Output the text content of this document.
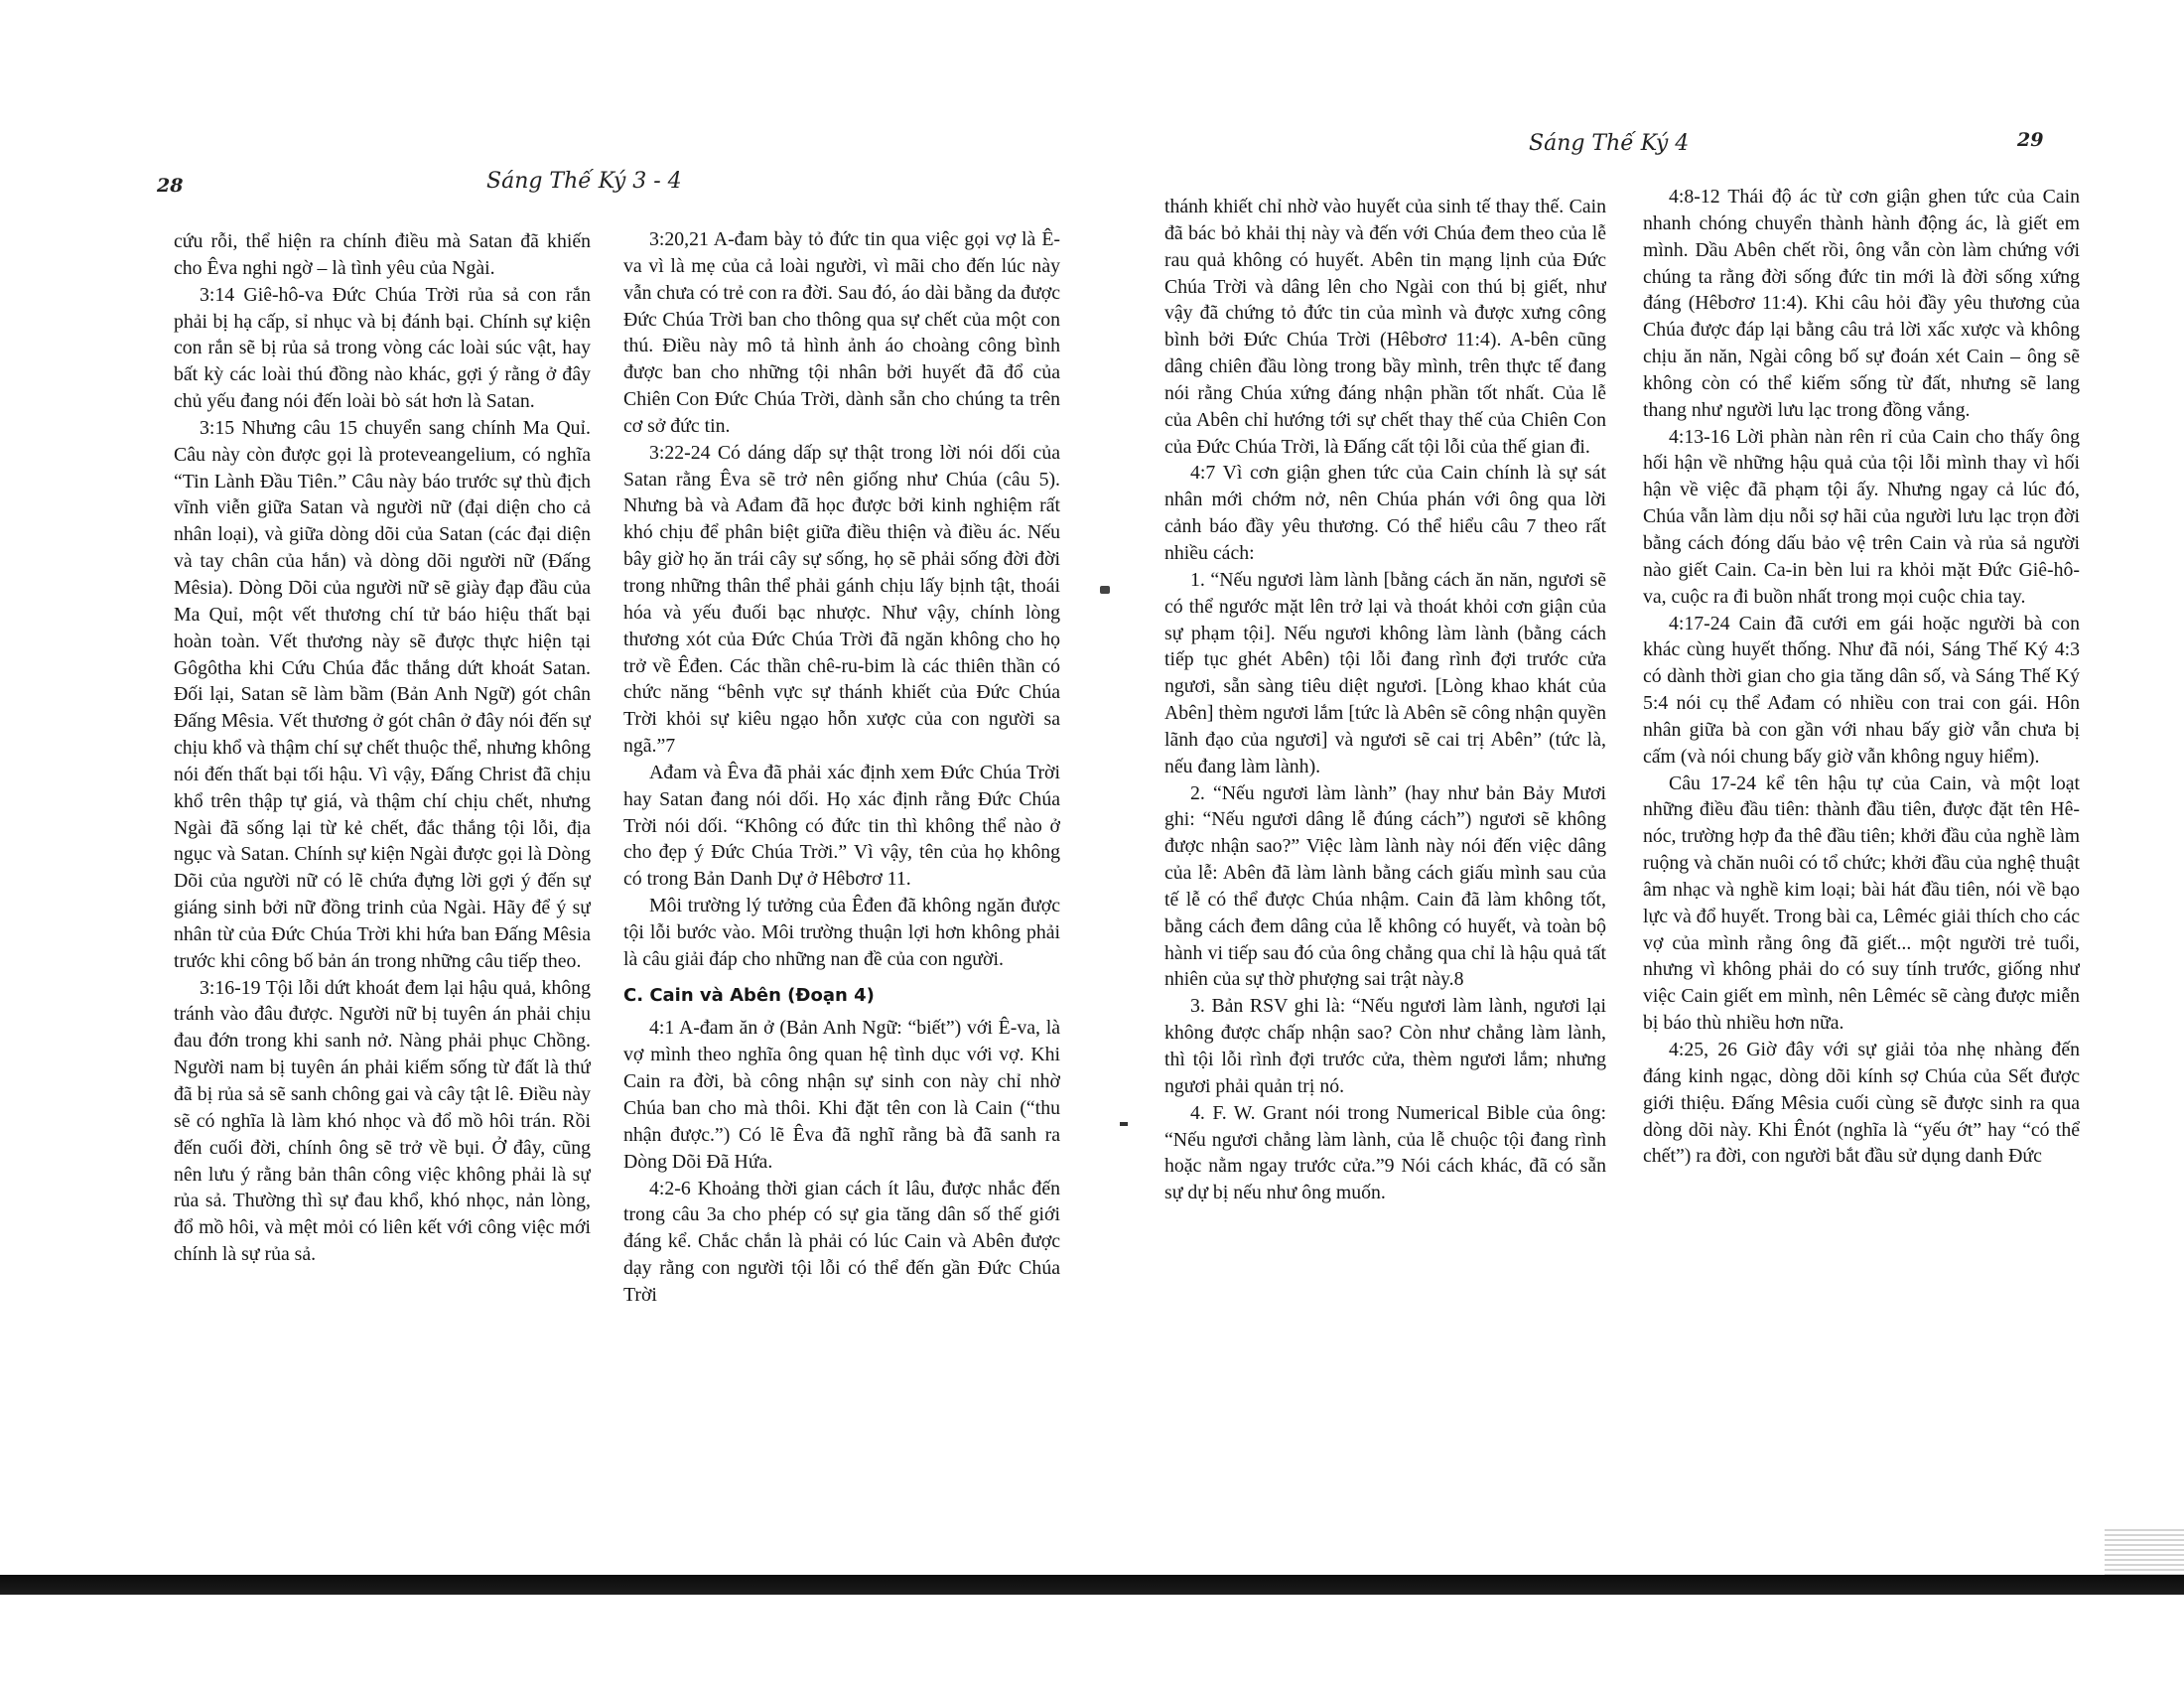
28	Sáng Thế Ký 3 - 4

cứu rỗi, thể hiện ra chính điều mà Satan đã khiến cho Êva nghi ngờ – là tình yêu của Ngài.

3:14 Giê-hô-va Đức Chúa Trời rủa sả con rắn phải bị hạ cấp, sỉ nhục và bị đánh bại. Chính sự kiện con rắn sẽ bị rủa sả trong vòng các loài súc vật, hay bất kỳ các loài thú đồng nào khác, gợi ý rằng ở đây chủ yếu đang nói đến loài bò sát hơn là Satan.

3:15 Nhưng câu 15 chuyển sang chính Ma Quỉ. Câu này còn được gọi là proteveangelium, có nghĩa “Tin Lành Đầu Tiên.” Câu này báo trước sự thù địch vĩnh viễn giữa Satan và người nữ (đại diện cho cả nhân loại), và giữa dòng dõi của Satan (các đại diện và tay chân của hắn) và dòng dõi người nữ (Đấng Mêsia). Dòng Dõi của người nữ sẽ giày đạp đầu của Ma Quỉ, một vết thương chí tử báo hiệu thất bại hoàn toàn. Vết thương này sẽ được thực hiện tại Gôgôtha khi Cứu Chúa đắc thắng dứt khoát Satan. Đối lại, Satan sẽ làm bầm (Bản Anh Ngữ) gót chân Đấng Mêsia. Vết thương ở gót chân ở đây nói đến sự chịu khổ và thậm chí sự chết thuộc thể, nhưng không nói đến thất bại tối hậu. Vì vậy, Đấng Christ đã chịu khổ trên thập tự giá, và thậm chí chịu chết, nhưng Ngài đã sống lại từ kẻ chết, đắc thắng tội lỗi, địa ngục và Satan. Chính sự kiện Ngài được gọi là Dòng Dõi của người nữ có lẽ chứa đựng lời gợi ý đến sự giáng sinh bởi nữ đồng trinh của Ngài. Hãy để ý sự nhân từ của Đức Chúa Trời khi hứa ban Đấng Mêsia trước khi công bố bản án trong những câu tiếp theo.

3:16-19 Tội lỗi dứt khoát đem lại hậu quả, không tránh vào đâu được. Người nữ bị tuyên án phải chịu đau đớn trong khi sanh nở. Nàng phải phục Chồng. Người nam bị tuyên án phải kiếm sống từ đất là thứ đã bị rủa sả sẽ sanh chông gai và cây tật lê. Điều này sẽ có nghĩa là làm khó nhọc và đổ mồ hôi trán. Rồi đến cuối đời, chính ông sẽ trở về bụi. Ở đây, cũng nên lưu ý rằng bản thân công việc không phải là sự rủa sả. Thường thì sự đau khổ, khó nhọc, nản lòng, đổ mồ hôi, và mệt mỏi có liên kết với công việc mới chính là sự rủa sả.

3:20,21 A-đam bày tỏ đức tin qua việc gọi vợ là Ê-va vì là mẹ của cả loài người, vì mãi cho đến lúc này vẫn chưa có trẻ con ra đời. Sau đó, áo dài bằng da được Đức Chúa Trời ban cho thông qua sự chết của một con thú. Điều này mô tả hình ảnh áo choàng công bình được ban cho những tội nhân bởi huyết đã đổ của Chiên Con Đức Chúa Trời, dành sẵn cho chúng ta trên cơ sở đức tin.

3:22-24 Có dáng dấp sự thật trong lời nói dối của Satan rằng Êva sẽ trở nên giống như Chúa (câu 5). Nhưng bà và Ađam đã học được bởi kinh nghiệm rất khó chịu để phân biệt giữa điều thiện và điều ác. Nếu bây giờ họ ăn trái cây sự sống, họ sẽ phải sống đời đời trong những thân thể phải gánh chịu lấy bịnh tật, thoái hóa và yếu đuối bạc nhược. Như vậy, chính lòng thương xót của Đức Chúa Trời đã ngăn không cho họ trở về Êđen. Các thần chê-ru-bim là các thiên thần có chức năng “bênh vực sự thánh khiết của Đức Chúa Trời khỏi sự kiêu ngạo hỗn xược của con người sa ngã.”7

Ađam và Êva đã phải xác định xem Đức Chúa Trời hay Satan đang nói dối. Họ xác định rằng Đức Chúa Trời nói dối. “Không có đức tin thì không thể nào ở cho đẹp ý Đức Chúa Trời.” Vì vậy, tên của họ không có trong Bản Danh Dự ở Hêbơrơ 11.

Môi trường lý tưởng của Êđen đã không ngăn được tội lỗi bước vào. Môi trường thuận lợi hơn không phải là câu giải đáp cho những nan đề của con người.

C. Cain và Abên (Đoạn 4)

4:1 A-đam ăn ở (Bản Anh Ngữ: “biết”) với Ê-va, là vợ mình theo nghĩa ông quan hệ tình dục với vợ. Khi Cain ra đời, bà công nhận sự sinh con này chỉ nhờ Chúa ban cho mà thôi. Khi đặt tên con là Cain (“thu nhận được.”) Có lẽ Êva đã nghĩ rằng bà đã sanh ra Dòng Dõi Đã Hứa.

4:2-6 Khoảng thời gian cách ít lâu, được nhắc đến trong câu 3a cho phép có sự gia tăng dân số thế giới đáng kể. Chắc chắn là phải có lúc Cain và Abên được dạy rằng con người tội lỗi có thể đến gần Đức Chúa Trời

Sáng Thế Ký 4	29

thánh khiết chỉ nhờ vào huyết của sinh tế thay thế. Cain đã bác bỏ khải thị này và đến với Chúa đem theo của lễ rau quả không có huyết. Abên tin mạng lịnh của Đức Chúa Trời và dâng lên cho Ngài con thú bị giết, như vậy đã chứng tỏ đức tin của mình và được xưng công bình bởi Đức Chúa Trời (Hêbơrơ 11:4). A-bên cũng dâng chiên đầu lòng trong bầy mình, trên thực tế đang nói rằng Chúa xứng đáng nhận phần tốt nhất. Của lễ của Abên chỉ hướng tới sự chết thay thế của Chiên Con của Đức Chúa Trời, là Đấng cất tội lỗi của thế gian đi.

4:7 Vì cơn giận ghen tức của Cain chính là sự sát nhân mới chớm nở, nên Chúa phán với ông qua lời cảnh báo đầy yêu thương. Có thể hiểu câu 7 theo rất nhiều cách:

1. “Nếu ngươi làm lành [bằng cách ăn năn, ngươi sẽ có thể ngước mặt lên trở lại và thoát khỏi cơn giận của sự phạm tội]. Nếu ngươi không làm lành (bằng cách tiếp tục ghét Abên) tội lỗi đang rình đợi trước cửa ngươi, sẵn sàng tiêu diệt ngươi. [Lòng khao khát của Abên] thèm ngươi lắm [tức là Abên sẽ công nhận quyền lãnh đạo của ngươi] và ngươi sẽ cai trị Abên” (tức là, nếu đang làm lành).

2. “Nếu ngươi làm lành” (hay như bản Bảy Mươi ghi: “Nếu ngươi dâng lễ đúng cách”) ngươi sẽ không được nhận sao?” Việc làm lành này nói đến việc dâng của lễ: Abên đã làm lành bằng cách giấu mình sau của tế lễ có thể được Chúa nhậm. Cain đã làm không tốt, bằng cách đem dâng của lễ không có huyết, và toàn bộ hành vi tiếp sau đó của ông chẳng qua chỉ là hậu quả tất nhiên của sự thờ phượng sai trật này.8

3. Bản RSV ghi là: “Nếu ngươi làm lành, ngươi lại không được chấp nhận sao? Còn như chẳng làm lành, thì tội lỗi rình đợi trước cửa, thèm ngươi lắm; nhưng ngươi phải quản trị nó.

4. F. W. Grant nói trong Numerical Bible của ông: “Nếu ngươi chẳng làm lành, của lễ chuộc tội đang rình hoặc nằm ngay trước cửa.”9 Nói cách khác, đã có sẵn sự dự bị nếu như ông muốn.

4:8-12 Thái độ ác từ cơn giận ghen tức của Cain nhanh chóng chuyển thành hành động ác, là giết em mình. Dầu Abên chết rồi, ông vẫn còn làm chứng với chúng ta rằng đời sống đức tin mới là đời sống xứng đáng (Hêbơrơ 11:4). Khi câu hỏi đầy yêu thương của Chúa được đáp lại bằng câu trả lời xấc xược và không chịu ăn năn, Ngài công bố sự đoán xét Cain – ông sẽ không còn có thể kiếm sống từ đất, nhưng sẽ lang thang như người lưu lạc trong đồng vắng.

4:13-16 Lời phàn nàn rên rỉ của Cain cho thấy ông hối hận về những hậu quả của tội lỗi mình thay vì hối hận về việc đã phạm tội ấy. Nhưng ngay cả lúc đó, Chúa vẫn làm dịu nỗi sợ hãi của người lưu lạc trọn đời bằng cách đóng dấu bảo vệ trên Cain và rủa sả người nào giết Cain. Ca-in bèn lui ra khỏi mặt Đức Giê-hô-va, cuộc ra đi buồn nhất trong mọi cuộc chia tay.

4:17-24 Cain đã cưới em gái hoặc người bà con khác cùng huyết thống. Như đã nói, Sáng Thế Ký 4:3 có dành thời gian cho gia tăng dân số, và Sáng Thế Ký 5:4 nói cụ thể Ađam có nhiều con trai con gái. Hôn nhân giữa bà con gần với nhau bấy giờ vẫn chưa bị cấm (và nói chung bấy giờ vẫn không nguy hiểm).

Câu 17-24 kể tên hậu tự của Cain, và một loạt những điều đầu tiên: thành đầu tiên, được đặt tên Hê-nóc, trường hợp đa thê đầu tiên; khởi đầu của nghề làm ruộng và chăn nuôi có tổ chức; khởi đầu của nghệ thuật âm nhạc và nghề kim loại; bài hát đầu tiên, nói về bạo lực và đổ huyết. Trong bài ca, Lêméc giải thích cho các vợ của mình rằng ông đã giết... một người trẻ tuổi, nhưng vì không phải do có suy tính trước, giống như việc Cain giết em mình, nên Lêméc sẽ càng được miễn bị báo thù nhiều hơn nữa.

4:25, 26 Giờ đây với sự giải tỏa nhẹ nhàng đến đáng kinh ngạc, dòng dõi kính sợ Chúa của Sết được giới thiệu. Đấng Mêsia cuối cùng sẽ được sinh ra qua dòng dõi này. Khi Ênót (nghĩa là “yếu ớt” hay “có thể chết”) ra đời, con người bắt đầu sử dụng danh Đức
